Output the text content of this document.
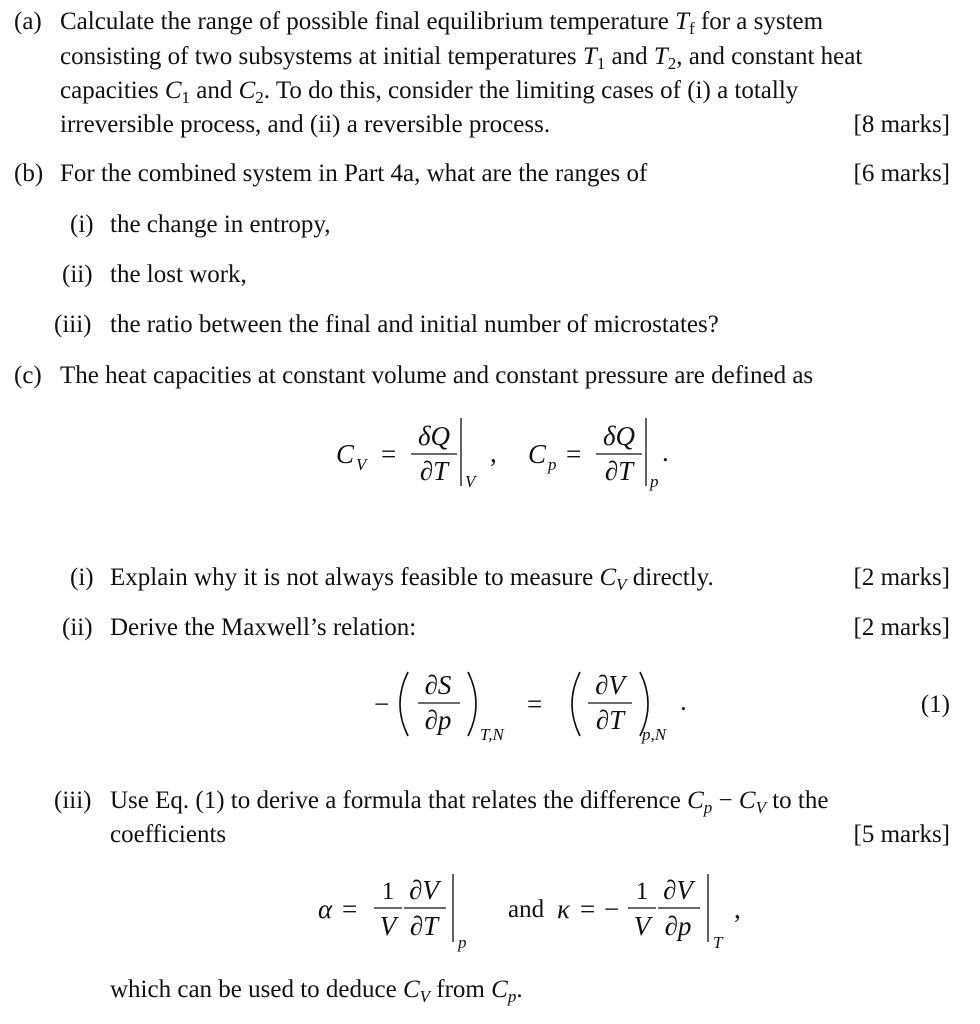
(a) Calculate the range of possible final equilibrium temperature $T_f$ for a system
consisting of two subsystems at initial temperatures $T_1$ and $T_2$, and constant heat
capacities $C_1$ and $C_2$. To do this, consider the limiting cases of (i) a totally
irreversible process, and (ii) a reversible process.	[8 marks]
(b) For the combined system in Part 4a, what are the ranges of	[6 marks]
(i) the change in entropy,
(ii) the lost work,
(iii) the ratio between the final and initial number of microstates?
(c) The heat capacities at constant volume and constant pressure are defined as
C V =
δQ
∂T V
, C p =
δQ
∂T p
.
−
∂S
∂p T,N
=
∂V
∂T p,N
.
α =
1
V
∂V
∂T
p
and κ = −
1
V
∂V
∂p
T
,
(i) Explain why it is not always feasible to measure $C_V$ directly.	[2 marks]
(ii) Derive the Maxwell’s relation:	[2 marks]
(1)
(iii) Use Eq. (1) to derive a formula that relates the difference $C_p - C_V$ to the
coefficients	[5 marks]
which can be used to deduce $C_V$ from $C_p$.
